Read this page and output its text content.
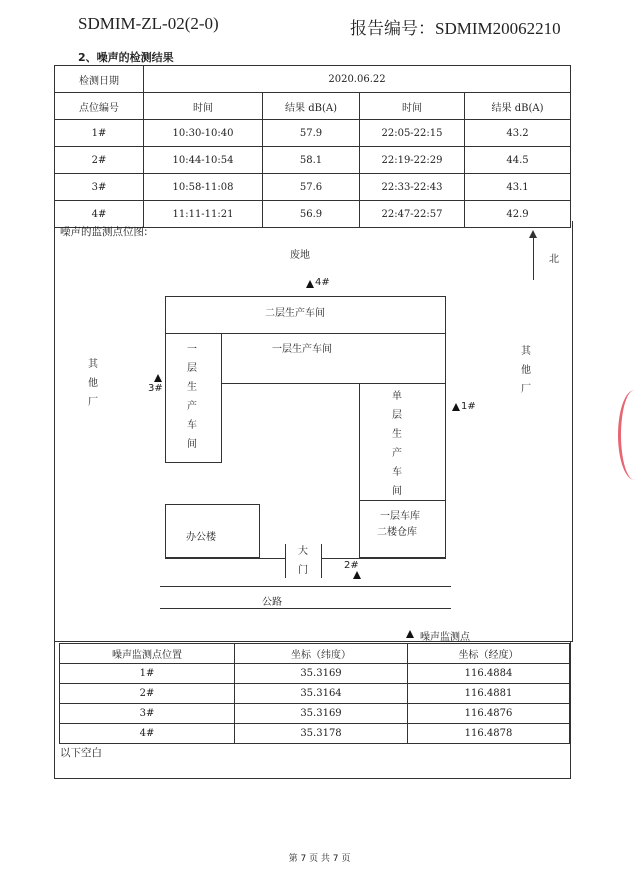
SDMIM-ZL-02(2-0)	报告编号：SDMIM20062210
2、噪声的检测结果
检测日期	2020.06.22			
点位编号	时间	结果 dB(A)	时间	结果 dB(A)
1#	10:30-10:40	57.9	22:05-22:15	43.2
2#	10:44-10:54	58.1	22:19-22:29	44.5
3#	10:58-11:08	57.6	22:33-22:43	43.1
4#	11:11-11:21	56.9	22:47-22:57	42.9
噪声的监测点位图:
废地	北
其他厂
其他厂
4#
二层生产车间
一层生产车间
一层生产车间
单层生产车间
一层车库
二楼仓库
办公楼
大门
3#
1#
2#
公路
噪声监测点
噪声监测点位置	坐标（纬度）	坐标（经度）
1#	35.3169	116.4884
2#	35.3164	116.4881
3#	35.3169	116.4876
4#	35.3178	116.4878
以下空白
第 7 页 共 7 页
